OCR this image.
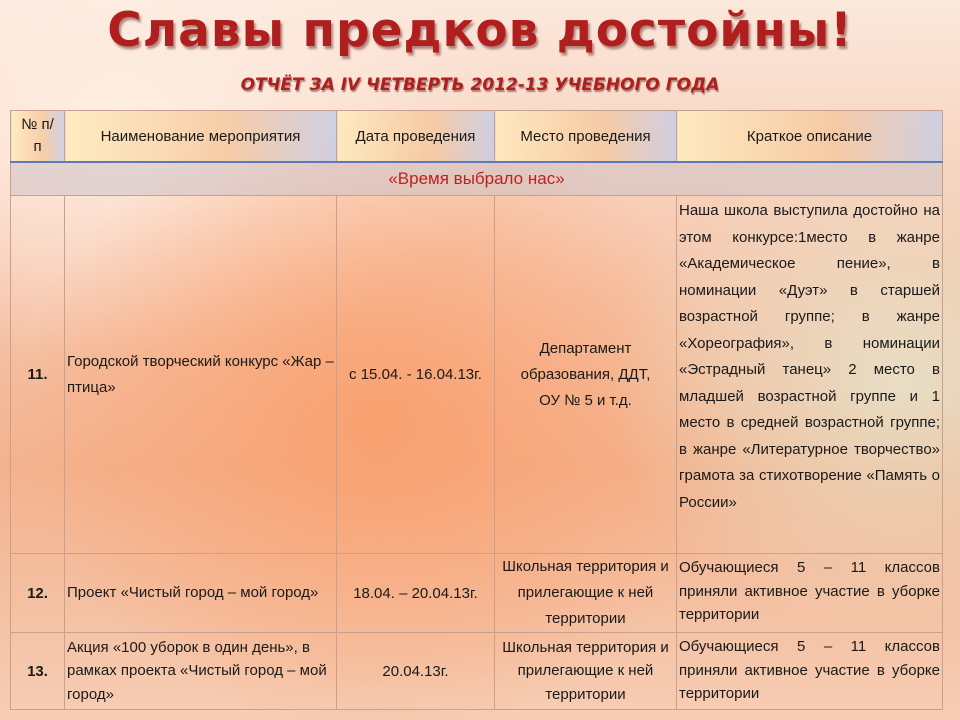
Славы предков достойны!
ОТЧЁТ ЗА IV ЧЕТВЕРТЬ 2012-13 УЧЕБНОГО ГОДА
№ п/п	Наименование мероприятия	Дата проведения	Место проведения	Краткое описание
«Время выбрало нас»				
11.	Городской творческий конкурс «Жар – птица»	с 15.04. - 16.04.13г.	Департамент образования, ДДТ, ОУ № 5 и т.д.	Наша школа выступила достойно на этом конкурсе:1место в жанре «Академическое пение», в номинации «Дуэт» в старшей возрастной группе; в жанре «Хореография», в номинации «Эстрадный танец» 2 место в младшей возрастной группе и 1 место в средней возрастной группе; в жанре «Литературное творчество» грамота за стихотворение «Память о России»
12.	Проект «Чистый город – мой город»	18.04. – 20.04.13г.	Школьная территория и прилегающие к ней территории	Обучающиеся 5 – 11 классов приняли активное участие в уборке территории
13.	Акция «100 уборок в один день», в рамках проекта «Чистый город – мой город»	20.04.13г.	Школьная территория и прилегающие к ней территории	Обучающиеся 5 – 11 классов приняли активное участие в уборке территории
